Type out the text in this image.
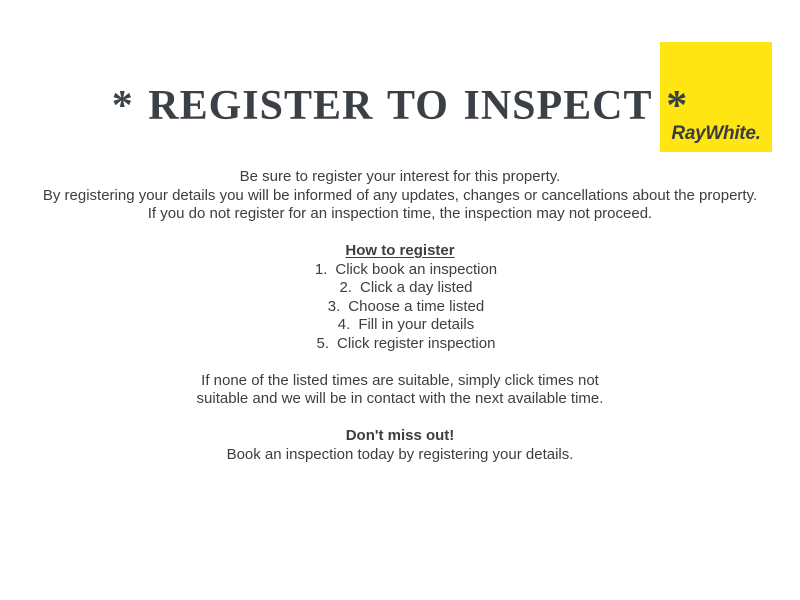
RayWhite.
* REGISTER TO INSPECT *
Be sure to register your interest for this property.
By registering your details you will be informed of any updates, changes or cancellations about the property.
If you do not register for an inspection time, the inspection may not proceed.
How to register
1. Click book an inspection
2. Click a day listed
3. Choose a time listed
4. Fill in your details
5. Click register inspection
If none of the listed times are suitable, simply click times not
suitable and we will be in contact with the next available time.
Don't miss out!
Book an inspection today by registering your details.
